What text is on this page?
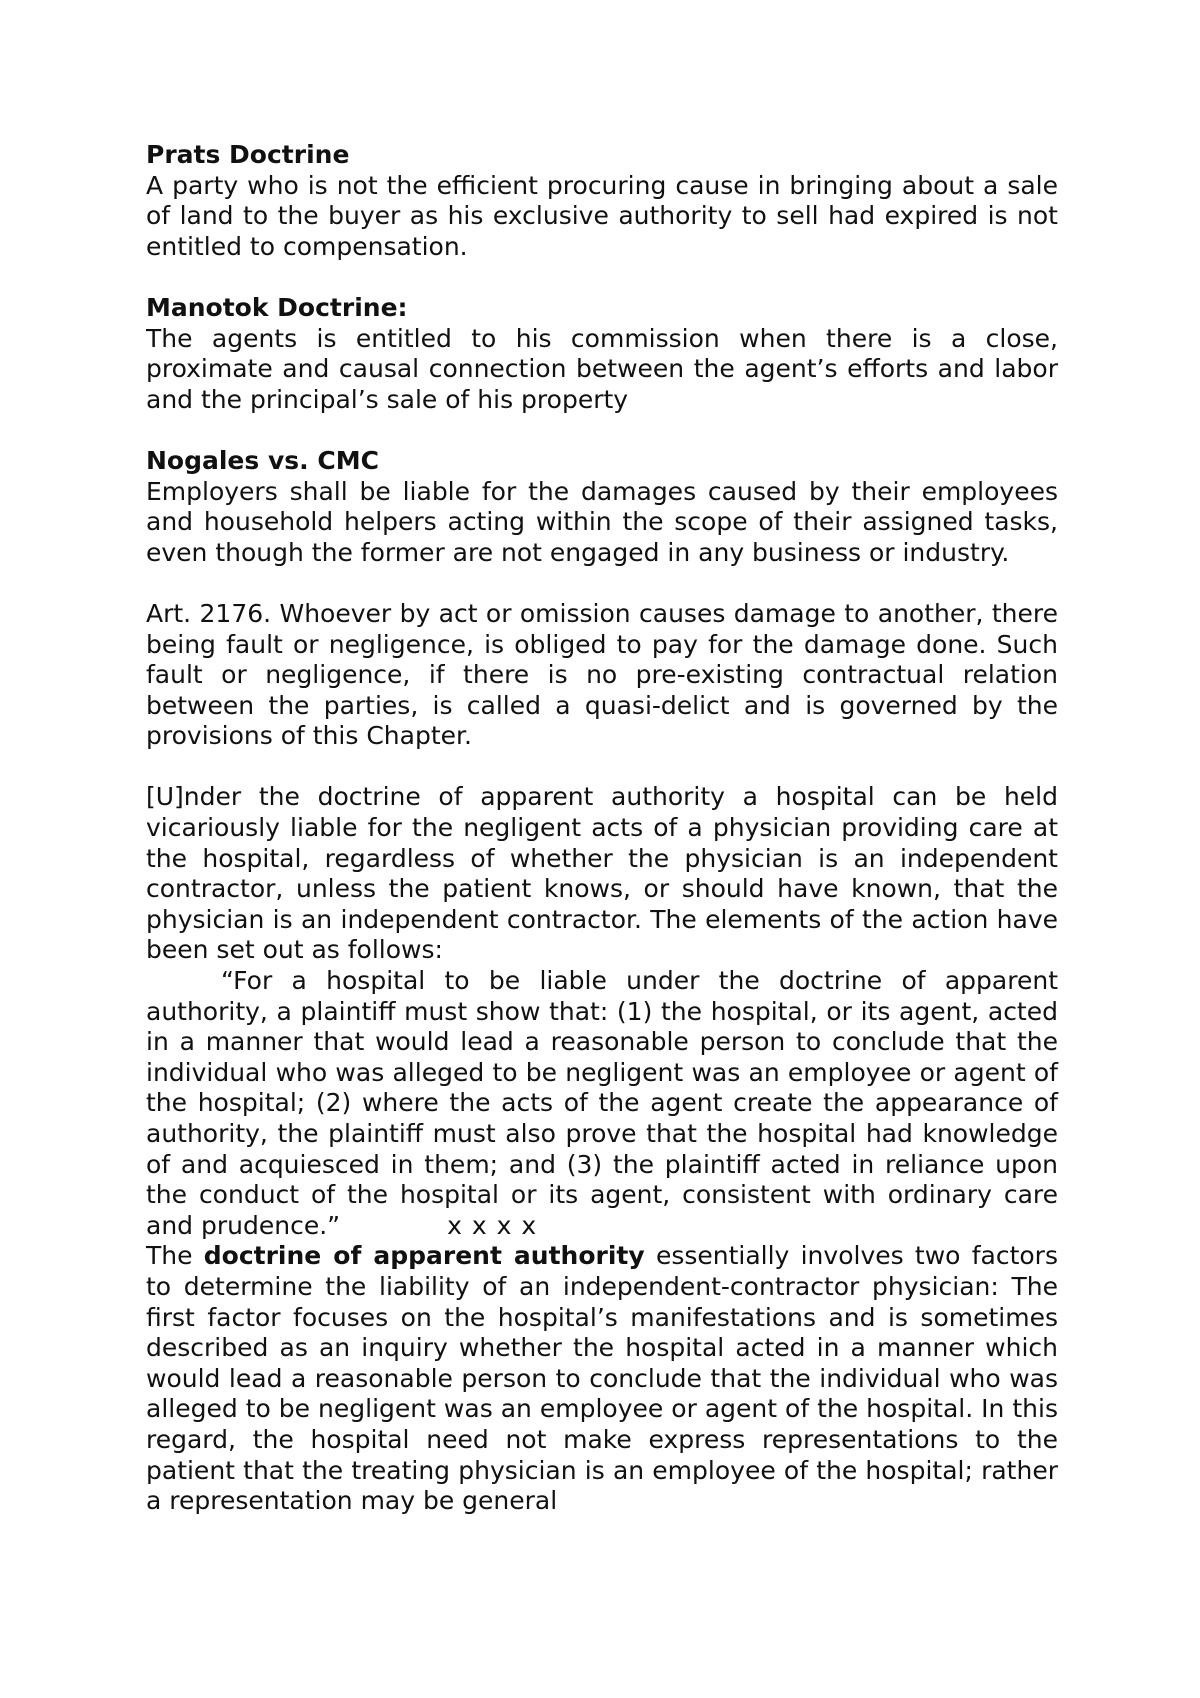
Prats Doctrine

A party who is not the efficient procuring cause in bringing about a sale of land to the buyer as his exclusive authority to sell had expired is not entitled to compensation.

Manotok Doctrine:

The agents is entitled to his commission when there is a close, proximate and causal connection between the agent’s efforts and labor and the principal’s sale of his property

Nogales vs. CMC

Employers shall be liable for the damages caused by their employees and household helpers acting within the scope of their assigned tasks, even though the former are not engaged in any business or industry.

Art. 2176. Whoever by act or omission causes damage to another, there being fault or negligence, is obliged to pay for the damage done. Such fault or negligence, if there is no pre-existing contractual relation between the parties, is called a quasi-delict and is governed by the provisions of this Chapter.

[U]nder the doctrine of apparent authority a hospital can be held vicariously liable for the negligent acts of a physician providing care at the hospital, regardless of whether the physician is an independent contractor, unless the patient knows, or should have known, that the physician is an independent contractor. The elements of the action have been set out as follows:

“For a hospital to be liable under the doctrine of apparent authority, a plaintiff must show that: (1) the hospital, or its agent, acted in a manner that would lead a reasonable person to conclude that the individual who was alleged to be negligent was an employee or agent of the hospital; (2) where the acts of the agent create the appearance of authority, the plaintiff must also prove that the hospital had knowledge of and acquiesced in them; and (3) the plaintiff acted in reliance upon the conduct of the hospital or its agent, consistent with ordinary care and prudence.”	x x x x

The doctrine of apparent authority essentially involves two factors to determine the liability of an independent-contractor physician: The first factor focuses on the hospital’s manifestations and is sometimes described as an inquiry whether the hospital acted in a manner which would lead a reasonable person to conclude that the individual who was alleged to be negligent was an employee or agent of the hospital. In this regard, the hospital need not make express representations to the patient that the treating physician is an employee of the hospital; rather a representation may be general
